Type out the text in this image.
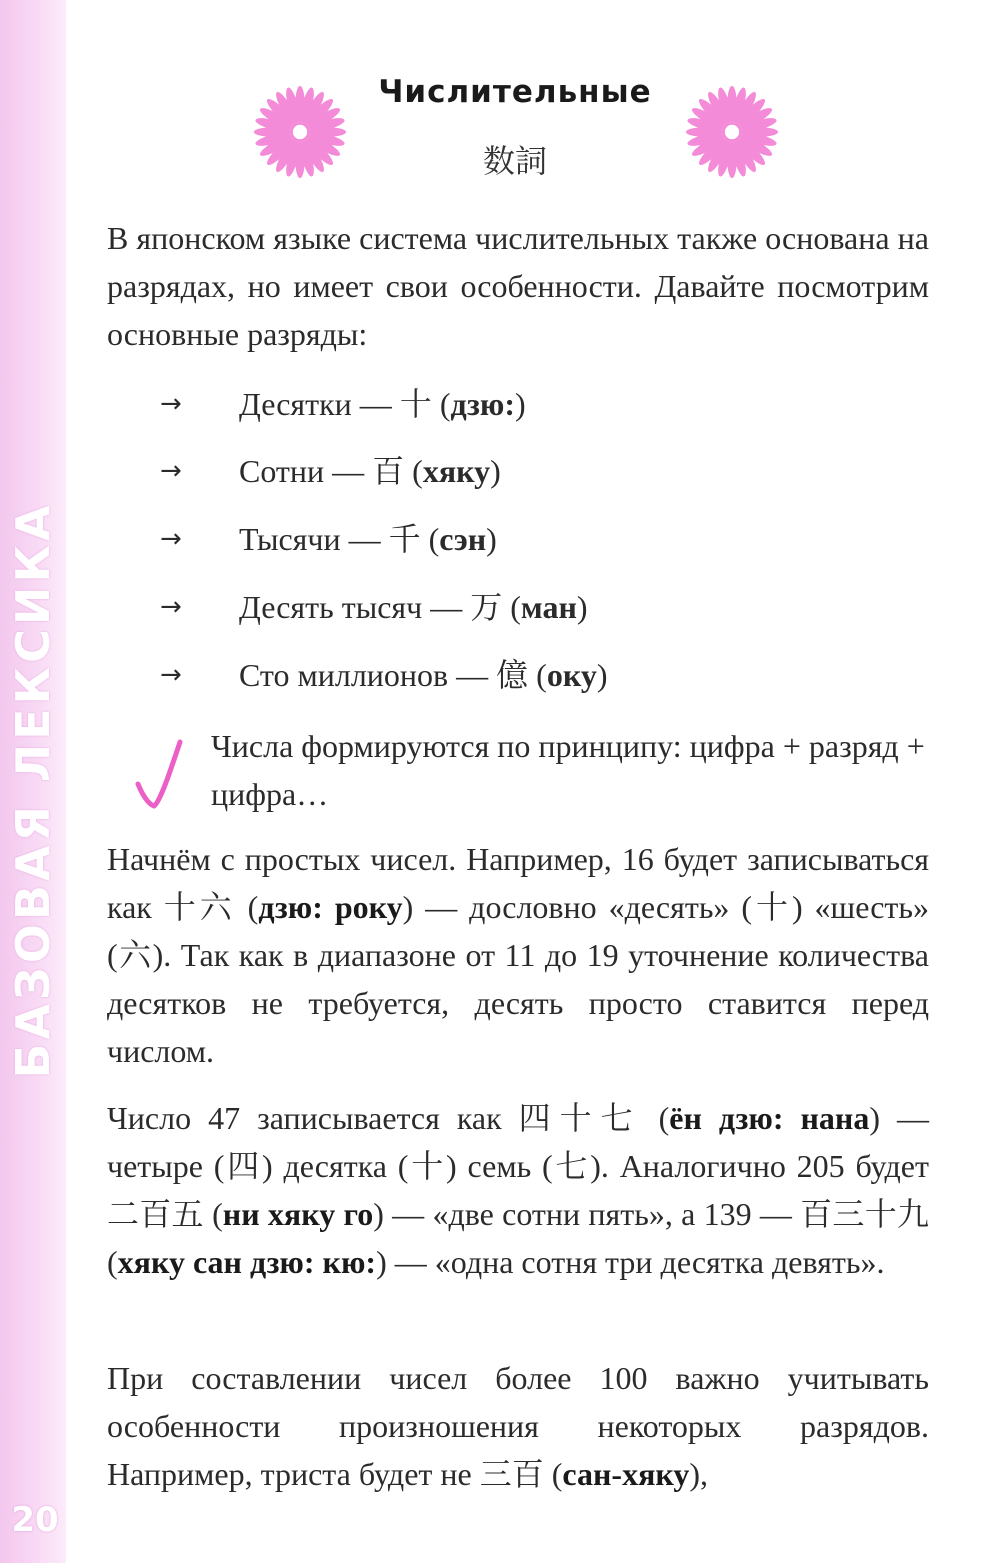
БАЗОВАЯ ЛЕКСИКА
20
Числительные
数詞

В японском языке система числительных также основана на разрядах, но имеет свои особенности. Давайте посмотрим основные разряды:

→ Десятки — 十 (дзю:)
→ Сотни — 百 (хяку)
→ Тысячи — 千 (сэн)
→ Десять тысяч — 万 (ман)
→ Сто миллионов — 億 (оку)

Числа формируются по принципу: цифра + разряд + цифра…

Начнём с простых чисел. Например, 16 будет записываться как 十六 (дзю: року) — дословно «десять» (十) «шесть» (六). Так как в диапазоне от 11 до 19 уточнение количества десятков не требуется, десять просто ставится перед числом.

Число 47 записывается как 四十七 (ён дзю: нана) — четыре (四) десятка (十) семь (七). Аналогично 205 будет 二百五 (ни хяку го) — «две сотни пять», а 139 — 百三十九 (хяку сан дзю: кю:) — «одна сотня три десятка девять».

При составлении чисел более 100 важно учитывать особенности произношения некоторых разрядов. Например, триста будет не 三百 (сан-хяку),
